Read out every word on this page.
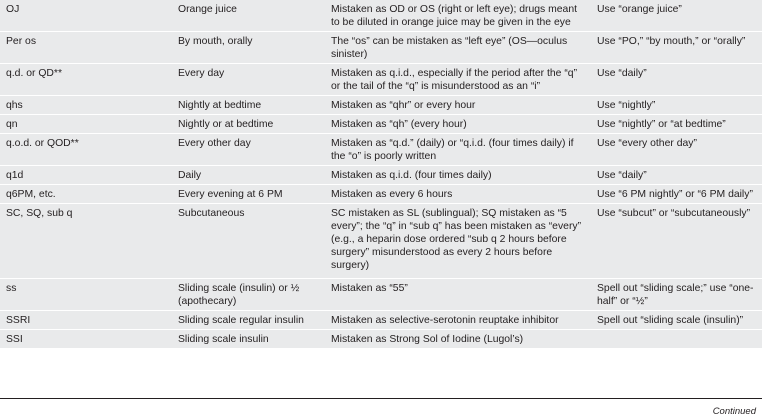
OJ	Orange juice	Mistaken as OD or OS (right or left eye); drugs meant to be diluted in orange juice may be given in the eye	Use “orange juice”
Per os	By mouth, orally	The “os” can be mistaken as “left eye” (OS—oculus sinister)	Use “PO,” “by mouth,” or “orally”
q.d. or QD**	Every day	Mistaken as q.i.d., especially if the period after the “q” or the tail of the “q” is misunderstood as an “i”	Use “daily”
qhs	Nightly at bedtime	Mistaken as “qhr” or every hour	Use “nightly”
qn	Nightly or at bedtime	Mistaken as “qh” (every hour)	Use “nightly” or “at bedtime”
q.o.d. or QOD**	Every other day	Mistaken as “q.d.” (daily) or “q.i.d. (four times daily) if the “o” is poorly written	Use “every other day”
q1d	Daily	Mistaken as q.i.d. (four times daily)	Use “daily”
q6PM, etc.	Every evening at 6 PM	Mistaken as every 6 hours	Use “6 PM nightly” or “6 PM daily”
SC, SQ, sub q	Subcutaneous	SC mistaken as SL (sublingual); SQ mistaken as “5 every”; the “q” in “sub q” has been mistaken as “every” (e.g., a heparin dose ordered “sub q 2 hours before surgery” misunderstood as every 2 hours before surgery)	Use “subcut” or “subcutaneously”
ss	Sliding scale (insulin) or ½ (apothecary)	Mistaken as “55”	Spell out “sliding scale;” use “one-half” or “½”
SSRI	Sliding scale regular insulin	Mistaken as selective-serotonin reuptake inhibitor	Spell out “sliding scale (insulin)”
SSI	Sliding scale insulin	Mistaken as Strong Sol of Iodine (Lugol’s)	
Continued
